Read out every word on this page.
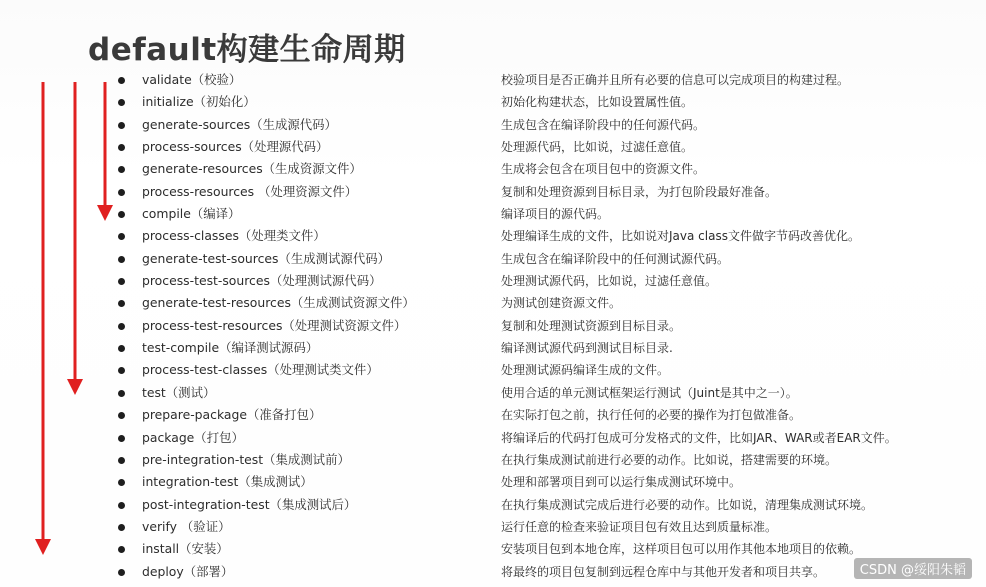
default构建生命周期
validate（校验）	校验项目是否正确并且所有必要的信息可以完成项目的构建过程。
initialize（初始化）	初始化构建状态，比如设置属性值。
generate-sources（生成源代码）	生成包含在编译阶段中的任何源代码。
process-sources（处理源代码）	处理源代码，比如说，过滤任意值。
generate-resources（生成资源文件）	生成将会包含在项目包中的资源文件。
process-resources （处理资源文件）	复制和处理资源到目标目录，为打包阶段最好准备。
compile（编译）	编译项目的源代码。
process-classes（处理类文件）	处理编译生成的文件，比如说对Java class文件做字节码改善优化。
generate-test-sources（生成测试源代码）	生成包含在编译阶段中的任何测试源代码。
process-test-sources（处理测试源代码）	处理测试源代码，比如说，过滤任意值。
generate-test-resources（生成测试资源文件）	为测试创建资源文件。
process-test-resources（处理测试资源文件）	复制和处理测试资源到目标目录。
test-compile（编译测试源码）	编译测试源代码到测试目标目录.
process-test-classes（处理测试类文件）	处理测试源码编译生成的文件。
test（测试）	使用合适的单元测试框架运行测试（Juint是其中之一）。
prepare-package（准备打包）	在实际打包之前，执行任何的必要的操作为打包做准备。
package（打包）	将编译后的代码打包成可分发格式的文件，比如JAR、WAR或者EAR文件。
pre-integration-test（集成测试前）	在执行集成测试前进行必要的动作。比如说，搭建需要的环境。
integration-test（集成测试）	处理和部署项目到可以运行集成测试环境中。
post-integration-test（集成测试后）	在执行集成测试完成后进行必要的动作。比如说，清理集成测试环境。
verify （验证）	运行任意的检查来验证项目包有效且达到质量标准。
install（安装）	安装项目包到本地仓库，这样项目包可以用作其他本地项目的依赖。
deploy（部署）	将最终的项目包复制到远程仓库中与其他开发者和项目共享。	CSDN @绥阳朱韬
